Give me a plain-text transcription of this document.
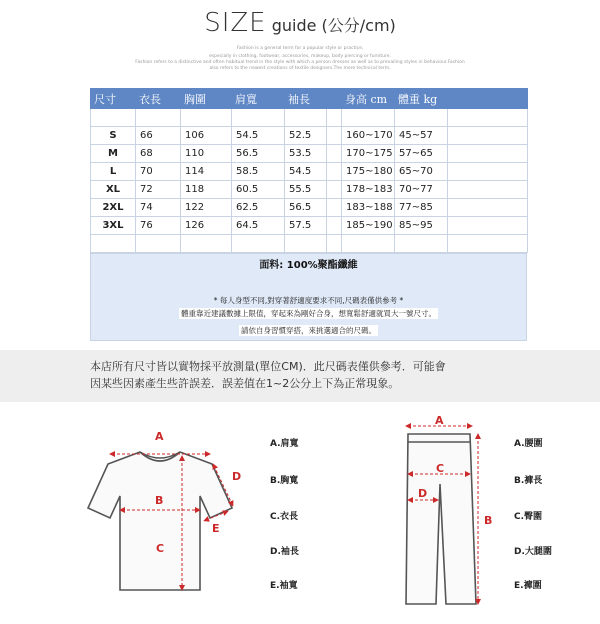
SIZE guide (公分/cm)
Fashion is a general term for a popular style or practice,
especially in clothing, footwear, accessories, makeup, body piercing or furniture.
Fashion refers to a distinctive and often habitual trend in the style with which a person dresses as well as to prevailing styles in behaviour.Fashion
also refers to the newest creations of textile designers.The more technical term,
尺寸	衣長	胸圍	肩寬	袖長		身高 cm	體重 kg	

S	66	106	54.5	52.5		160~170	45~57	
M	68	110	56.5	53.5		170~175	57~65	
L	70	114	58.5	54.5		175~180	65~70	
XL	72	118	60.5	55.5		178~183	70~77	
2XL	74	122	62.5	56.5		183~188	77~85	
3XL	76	126	64.5	57.5		185~190	85~95	

面料: 100%聚酯纖維
* 每人身型不同,對穿著舒適度要求不同,尺碼表僅供參考 *
體重靠近建議數據上限值，穿起來為剛好合身，想寬鬆舒適就買大一號尺寸。
請依自身習慣穿搭，來挑選適合的尺碼。
本店所有尺寸皆以實物採平放測量(單位CM)．此尺碼表僅供參考．可能會
因某些因素產生些許誤差．誤差值在1~2公分上下為正常現象。
A
B
C
D
E
A
B
C
D
A.肩寬
B.胸寬
C.衣長
D.袖長
E.袖寬
A.腰圍
B.褲長
C.臀圍
D.大腿圍
E.褲圍
